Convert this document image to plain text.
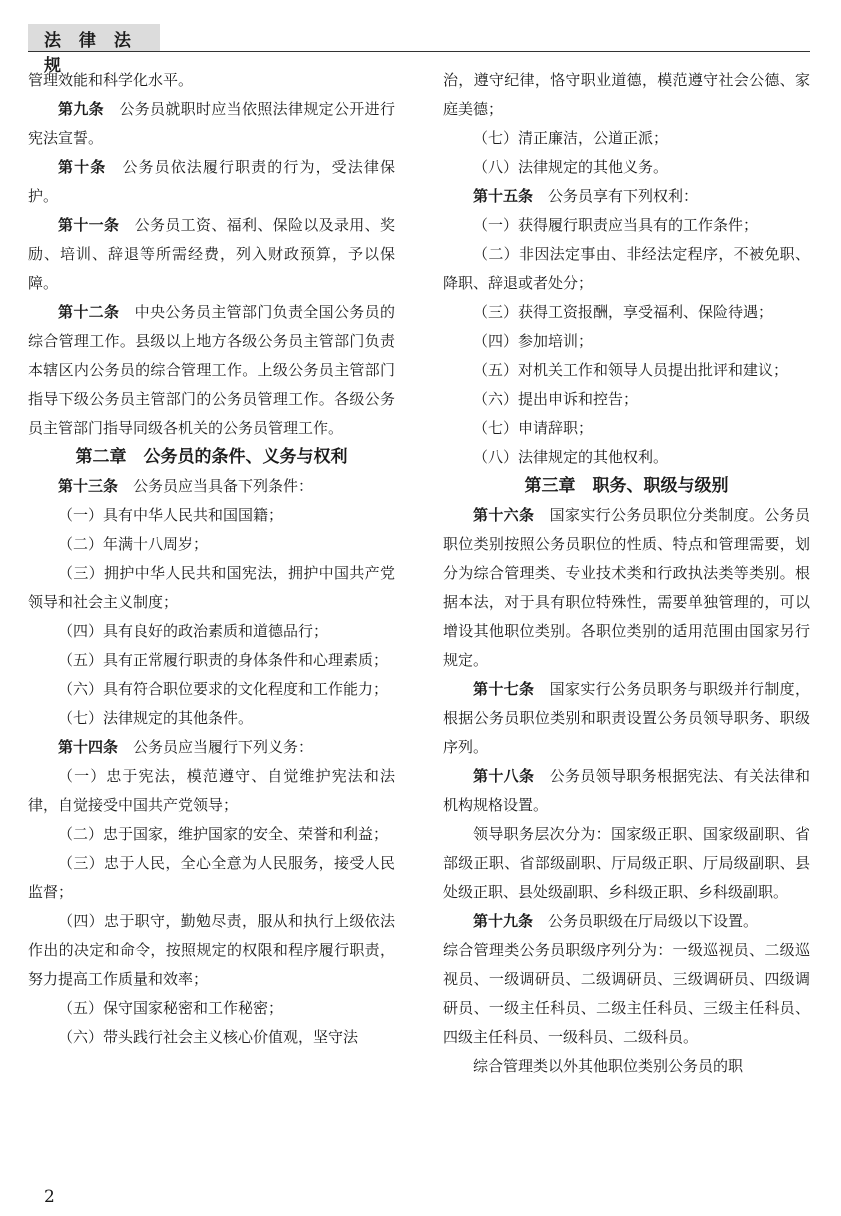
法 律 法 规

管理效能和科学化水平。

第九条 公务员就职时应当依照法律规定公开进行宪法宣誓。

第十条 公务员依法履行职责的行为，受法律保护。

第十一条 公务员工资、福利、保险以及录用、奖励、培训、辞退等所需经费，列入财政预算，予以保障。

第十二条 中央公务员主管部门负责全国公务员的综合管理工作。县级以上地方各级公务员主管部门负责本辖区内公务员的综合管理工作。上级公务员主管部门指导下级公务员主管部门的公务员管理工作。各级公务员主管部门指导同级各机关的公务员管理工作。

第二章　公务员的条件、义务与权利

第十三条 公务员应当具备下列条件：

（一）具有中华人民共和国国籍；

（二）年满十八周岁；

（三）拥护中华人民共和国宪法，拥护中国共产党领导和社会主义制度；

（四）具有良好的政治素质和道德品行；

（五）具有正常履行职责的身体条件和心理素质；

（六）具有符合职位要求的文化程度和工作能力；

（七）法律规定的其他条件。

第十四条 公务员应当履行下列义务：

（一）忠于宪法，模范遵守、自觉维护宪法和法律，自觉接受中国共产党领导；

（二）忠于国家，维护国家的安全、荣誉和利益；

（三）忠于人民，全心全意为人民服务，接受人民监督；

（四）忠于职守，勤勉尽责，服从和执行上级依法作出的决定和命令，按照规定的权限和程序履行职责，努力提高工作质量和效率；

（五）保守国家秘密和工作秘密；

（六）带头践行社会主义核心价值观，坚守法

治，遵守纪律，恪守职业道德，模范遵守社会公德、家庭美德；

（七）清正廉洁，公道正派；

（八）法律规定的其他义务。

第十五条 公务员享有下列权利：

（一）获得履行职责应当具有的工作条件；

（二）非因法定事由、非经法定程序，不被免职、降职、辞退或者处分；

（三）获得工资报酬，享受福利、保险待遇；

（四）参加培训；

（五）对机关工作和领导人员提出批评和建议；

（六）提出申诉和控告；

（七）申请辞职；

（八）法律规定的其他权利。

第三章　职务、职级与级别

第十六条 国家实行公务员职位分类制度。公务员职位类别按照公务员职位的性质、特点和管理需要，划分为综合管理类、专业技术类和行政执法类等类别。根据本法，对于具有职位特殊性，需要单独管理的，可以增设其他职位类别。各职位类别的适用范围由国家另行规定。

第十七条 国家实行公务员职务与职级并行制度，根据公务员职位类别和职责设置公务员领导职务、职级序列。

第十八条 公务员领导职务根据宪法、有关法律和机构规格设置。

领导职务层次分为：国家级正职、国家级副职、省部级正职、省部级副职、厅局级正职、厅局级副职、县处级正职、县处级副职、乡科级正职、乡科级副职。

第十九条 公务员职级在厅局级以下设置。

综合管理类公务员职级序列分为：一级巡视员、二级巡视员、一级调研员、二级调研员、三级调研员、四级调研员、一级主任科员、二级主任科员、三级主任科员、四级主任科员、一级科员、二级科员。

综合管理类以外其他职位类别公务员的职

2
